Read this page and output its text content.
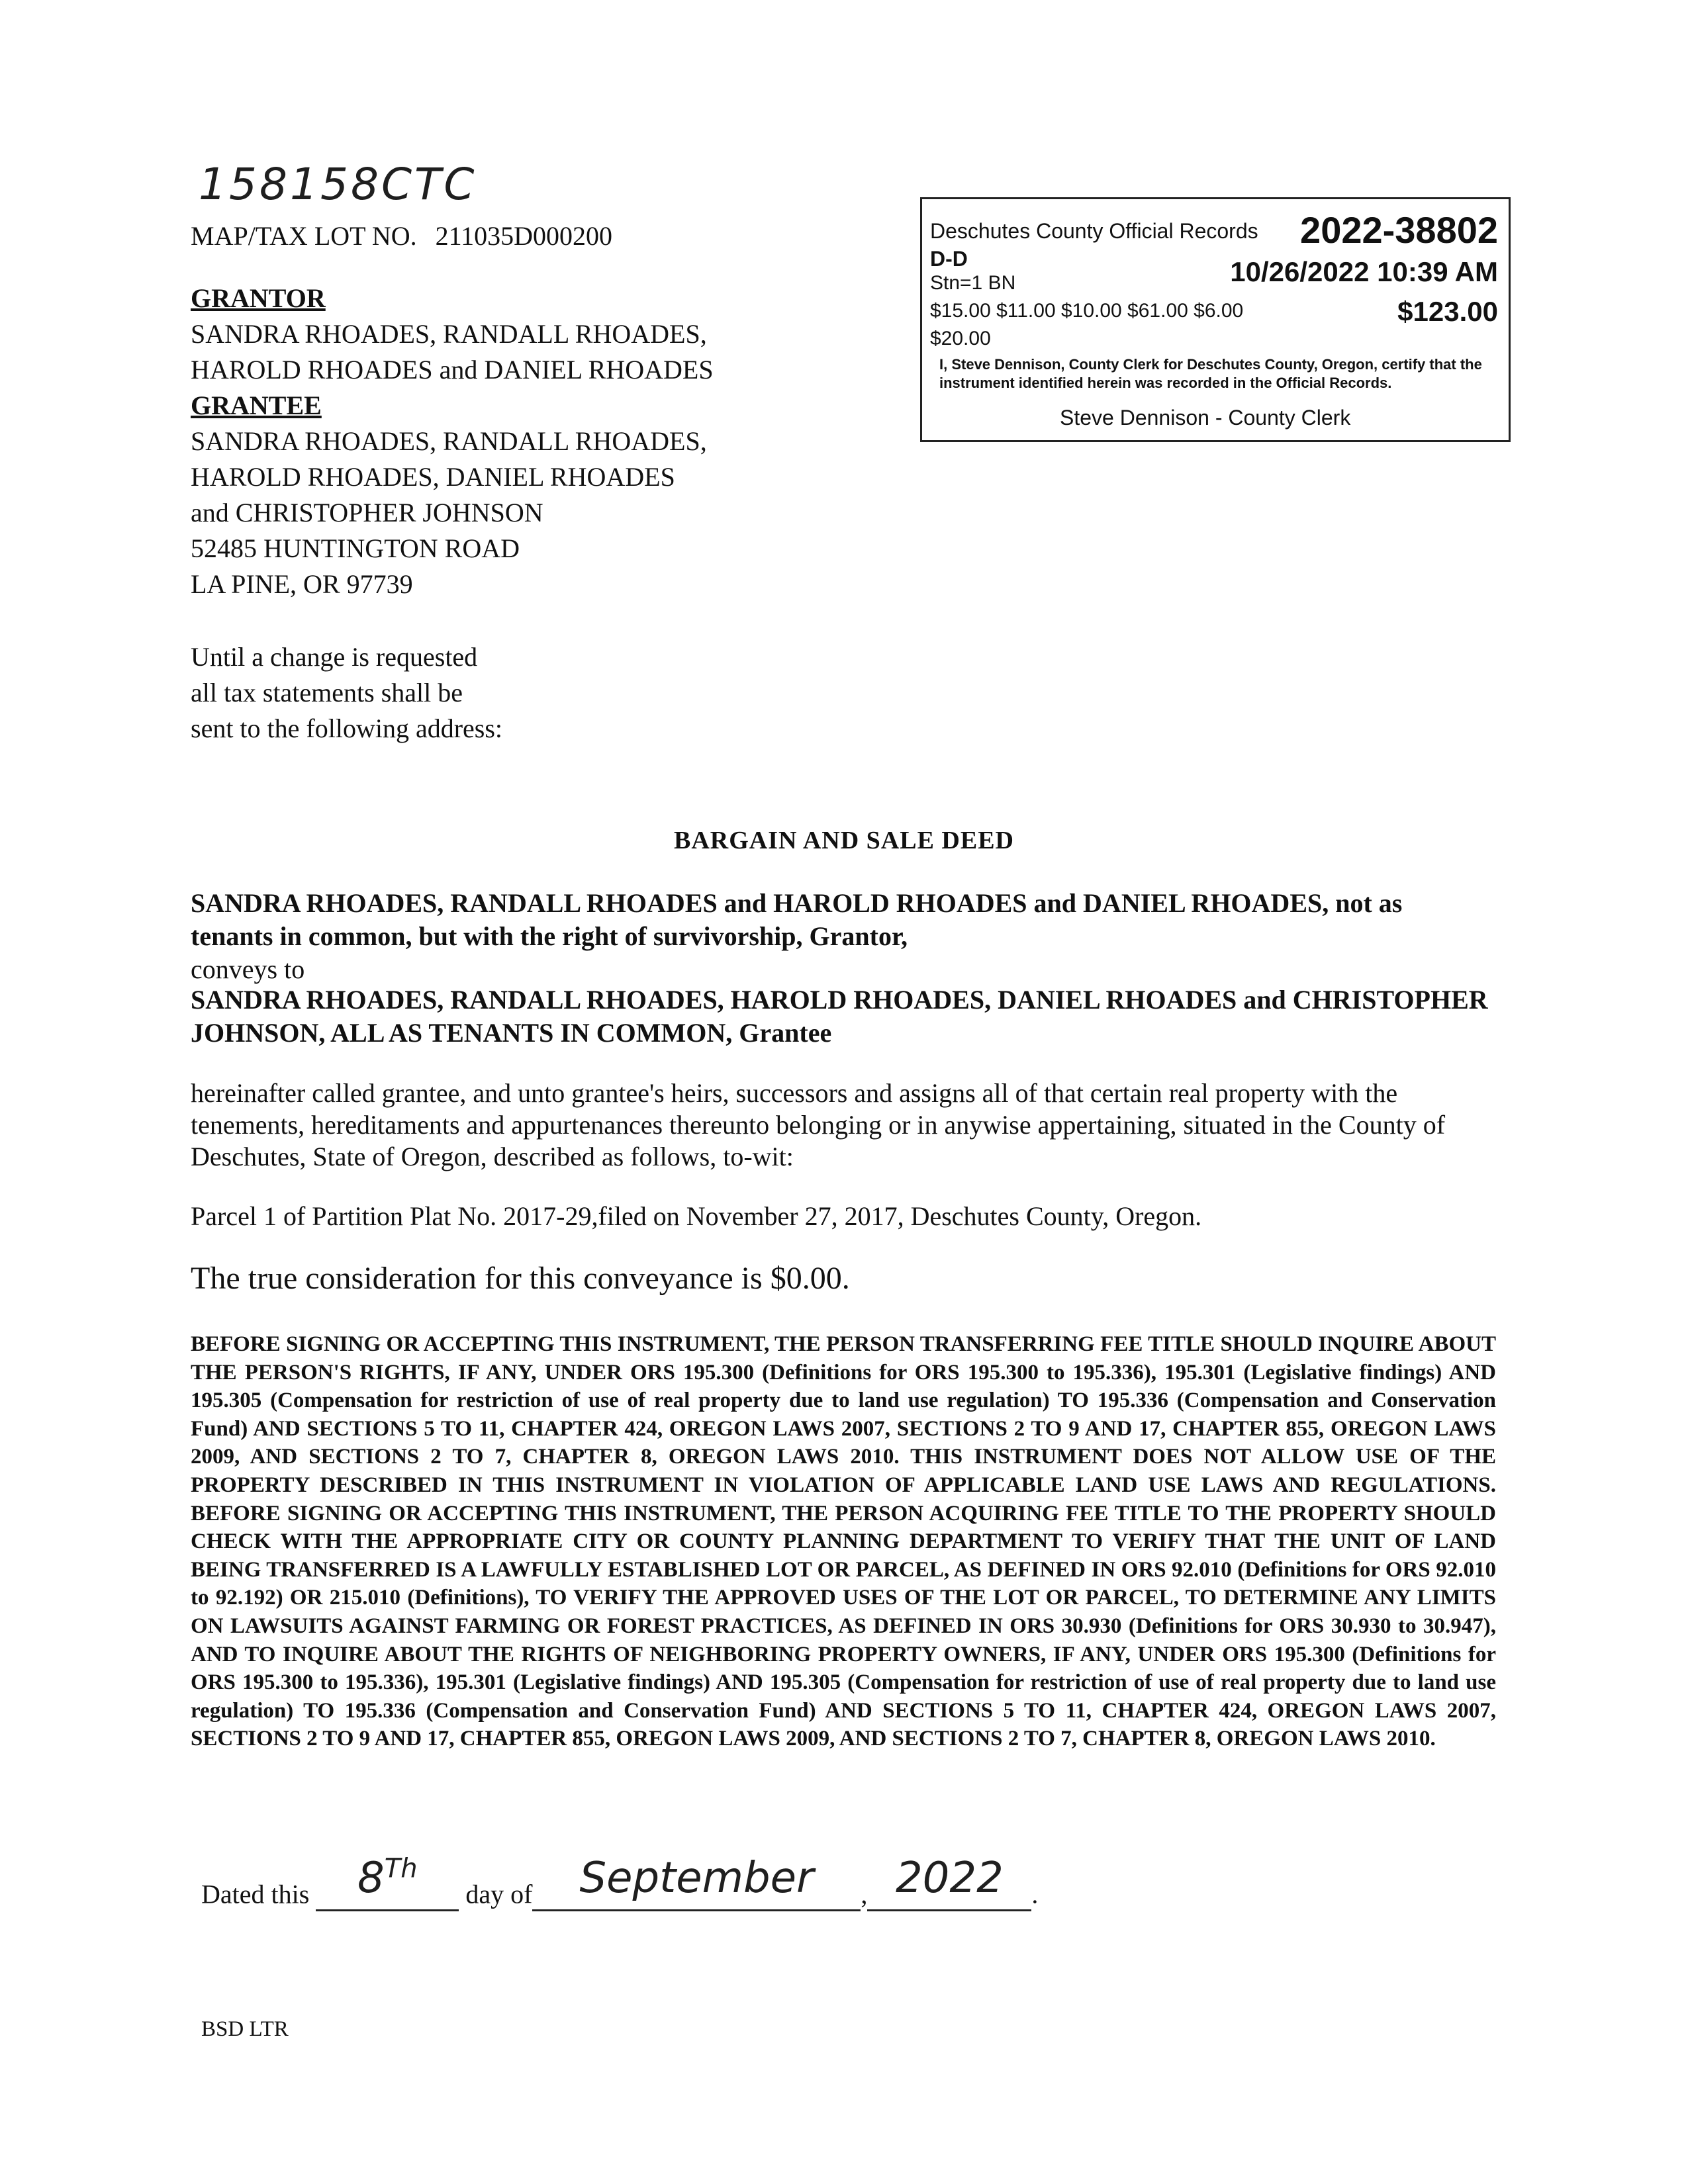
158158CTC
MAP/TAX LOT NO. 211035D000200
GRANTOR
SANDRA RHOADES, RANDALL RHOADES,
HAROLD RHOADES and DANIEL RHOADES
GRANTEE
SANDRA RHOADES, RANDALL RHOADES,
HAROLD RHOADES, DANIEL RHOADES
and CHRISTOPHER JOHNSON
52485 HUNTINGTON ROAD
LA PINE, OR 97739
Until a change is requested
all tax statements shall be
sent to the following address:
Deschutes County Official Records 2022-38802
D-D
Stn=1 BN	10/26/2022 10:39 AM
$15.00 $11.00 $10.00 $61.00 $6.00	$123.00
$20.00
I, Steve Dennison, County Clerk for Deschutes County, Oregon, certify that the instrument identified herein was recorded in the Official Records.
Steve Dennison - County Clerk
BARGAIN AND SALE DEED
SANDRA RHOADES, RANDALL RHOADES and HAROLD RHOADES and DANIEL RHOADES, not as tenants in common, but with the right of survivorship, Grantor,
conveys to
SANDRA RHOADES, RANDALL RHOADES, HAROLD RHOADES, DANIEL RHOADES and CHRISTOPHER JOHNSON, ALL AS TENANTS IN COMMON, Grantee
hereinafter called grantee, and unto grantee's heirs, successors and assigns all of that certain real property with the tenements, hereditaments and appurtenances thereunto belonging or in anywise appertaining, situated in the County of Deschutes, State of Oregon, described as follows, to-wit:
Parcel 1 of Partition Plat No. 2017-29,filed on November 27, 2017, Deschutes County, Oregon.
The true consideration for this conveyance is $0.00.
BEFORE SIGNING OR ACCEPTING THIS INSTRUMENT, THE PERSON TRANSFERRING FEE TITLE SHOULD INQUIRE ABOUT THE PERSON'S RIGHTS, IF ANY, UNDER ORS 195.300 (Definitions for ORS 195.300 to 195.336), 195.301 (Legislative findings) AND 195.305 (Compensation for restriction of use of real property due to land use regulation) TO 195.336 (Compensation and Conservation Fund) AND SECTIONS 5 TO 11, CHAPTER 424, OREGON LAWS 2007, SECTIONS 2 TO 9 AND 17, CHAPTER 855, OREGON LAWS 2009, AND SECTIONS 2 TO 7, CHAPTER 8, OREGON LAWS 2010. THIS INSTRUMENT DOES NOT ALLOW USE OF THE PROPERTY DESCRIBED IN THIS INSTRUMENT IN VIOLATION OF APPLICABLE LAND USE LAWS AND REGULATIONS. BEFORE SIGNING OR ACCEPTING THIS INSTRUMENT, THE PERSON ACQUIRING FEE TITLE TO THE PROPERTY SHOULD CHECK WITH THE APPROPRIATE CITY OR COUNTY PLANNING DEPARTMENT TO VERIFY THAT THE UNIT OF LAND BEING TRANSFERRED IS A LAWFULLY ESTABLISHED LOT OR PARCEL, AS DEFINED IN ORS 92.010 (Definitions for ORS 92.010 to 92.192) OR 215.010 (Definitions), TO VERIFY THE APPROVED USES OF THE LOT OR PARCEL, TO DETERMINE ANY LIMITS ON LAWSUITS AGAINST FARMING OR FOREST PRACTICES, AS DEFINED IN ORS 30.930 (Definitions for ORS 30.930 to 30.947), AND TO INQUIRE ABOUT THE RIGHTS OF NEIGHBORING PROPERTY OWNERS, IF ANY, UNDER ORS 195.300 (Definitions for ORS 195.300 to 195.336), 195.301 (Legislative findings) AND 195.305 (Compensation for restriction of use of real property due to land use regulation) TO 195.336 (Compensation and Conservation Fund) AND SECTIONS 5 TO 11, CHAPTER 424, OREGON LAWS 2007, SECTIONS 2 TO 9 AND 17, CHAPTER 855, OREGON LAWS 2009, AND SECTIONS 2 TO 7, CHAPTER 8, OREGON LAWS 2010.
Dated this 8Th day of September , 2022 .
BSD LTR
